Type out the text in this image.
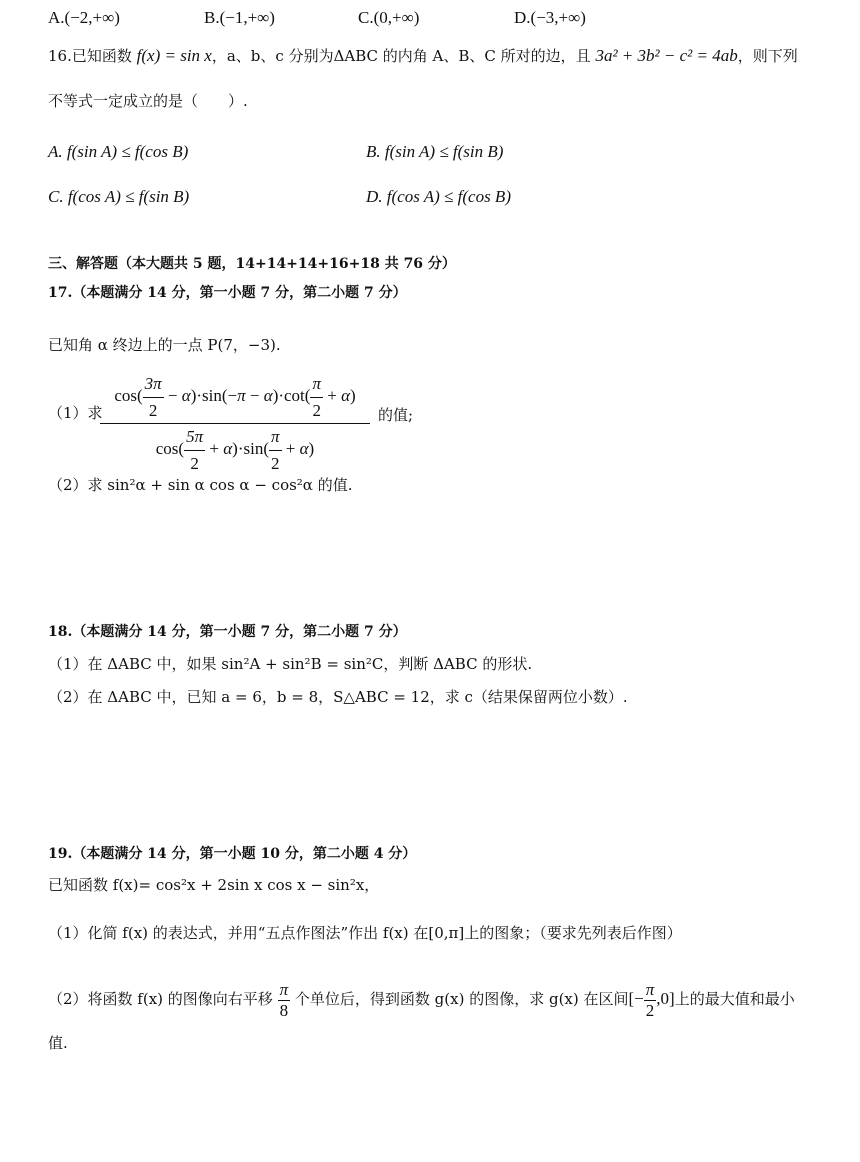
A.(−2,+∞)	B.(−1,+∞)	C.(0,+∞)	D.(−3,+∞)
16.已知函数 f(x) = sin x，a、b、c 分别为ΔABC 的内角 A、B、C 所对的边，且 3a² + 3b² − c² = 4ab，则下列
不等式一定成立的是（　　）.
A. f(sin A) ≤ f(cos B)	B. f(sin A) ≤ f(sin B)
C. f(cos A) ≤ f(sin B)	D. f(cos A) ≤ f(cos B)
三、解答题（本大题共 5 题，14+14+14+16+18 共 76 分）
17.（本题满分 14 分，第一小题 7 分，第二小题 7 分）
已知角 α 终边上的一点 P(7，−3).
（1）求
$\frac{\cos( \frac{3\pi}{2} - \alpha)\cdot\sin(-\pi - \alpha)\cdot\cot( \frac{\pi}{2} + \alpha)}{\cos( \frac{5\pi}{2} + \alpha)\cdot\sin( \frac{\pi}{2} + \alpha)}$ 的值;
（2）求 sin²α + sin α cos α − cos²α 的值.
18.（本题满分 14 分，第一小题 7 分，第二小题 7 分）
（1）在 ΔABC 中，如果 sin²A + sin²B = sin²C，判断 ΔABC 的形状.
（2）在 ΔABC 中，已知 a = 6，b = 8，S△ABC = 12，求 c（结果保留两位小数）.
19.（本题满分 14 分，第一小题 10 分，第二小题 4 分）
已知函数 f(x)= cos²x + 2sin x cos x − sin²x，
（1）化简 f(x) 的表达式，并用“五点作图法”作出 f(x) 在[0,π]上的图象；（要求先列表后作图）
（2）将函数 f(x) 的图像向右平移 $\frac{\pi}{8}$ 个单位后，得到函数 g(x) 的图像，求 g(x) 在区间[− $\frac{\pi}{2} ,0$]上的最大值和最小
值.
